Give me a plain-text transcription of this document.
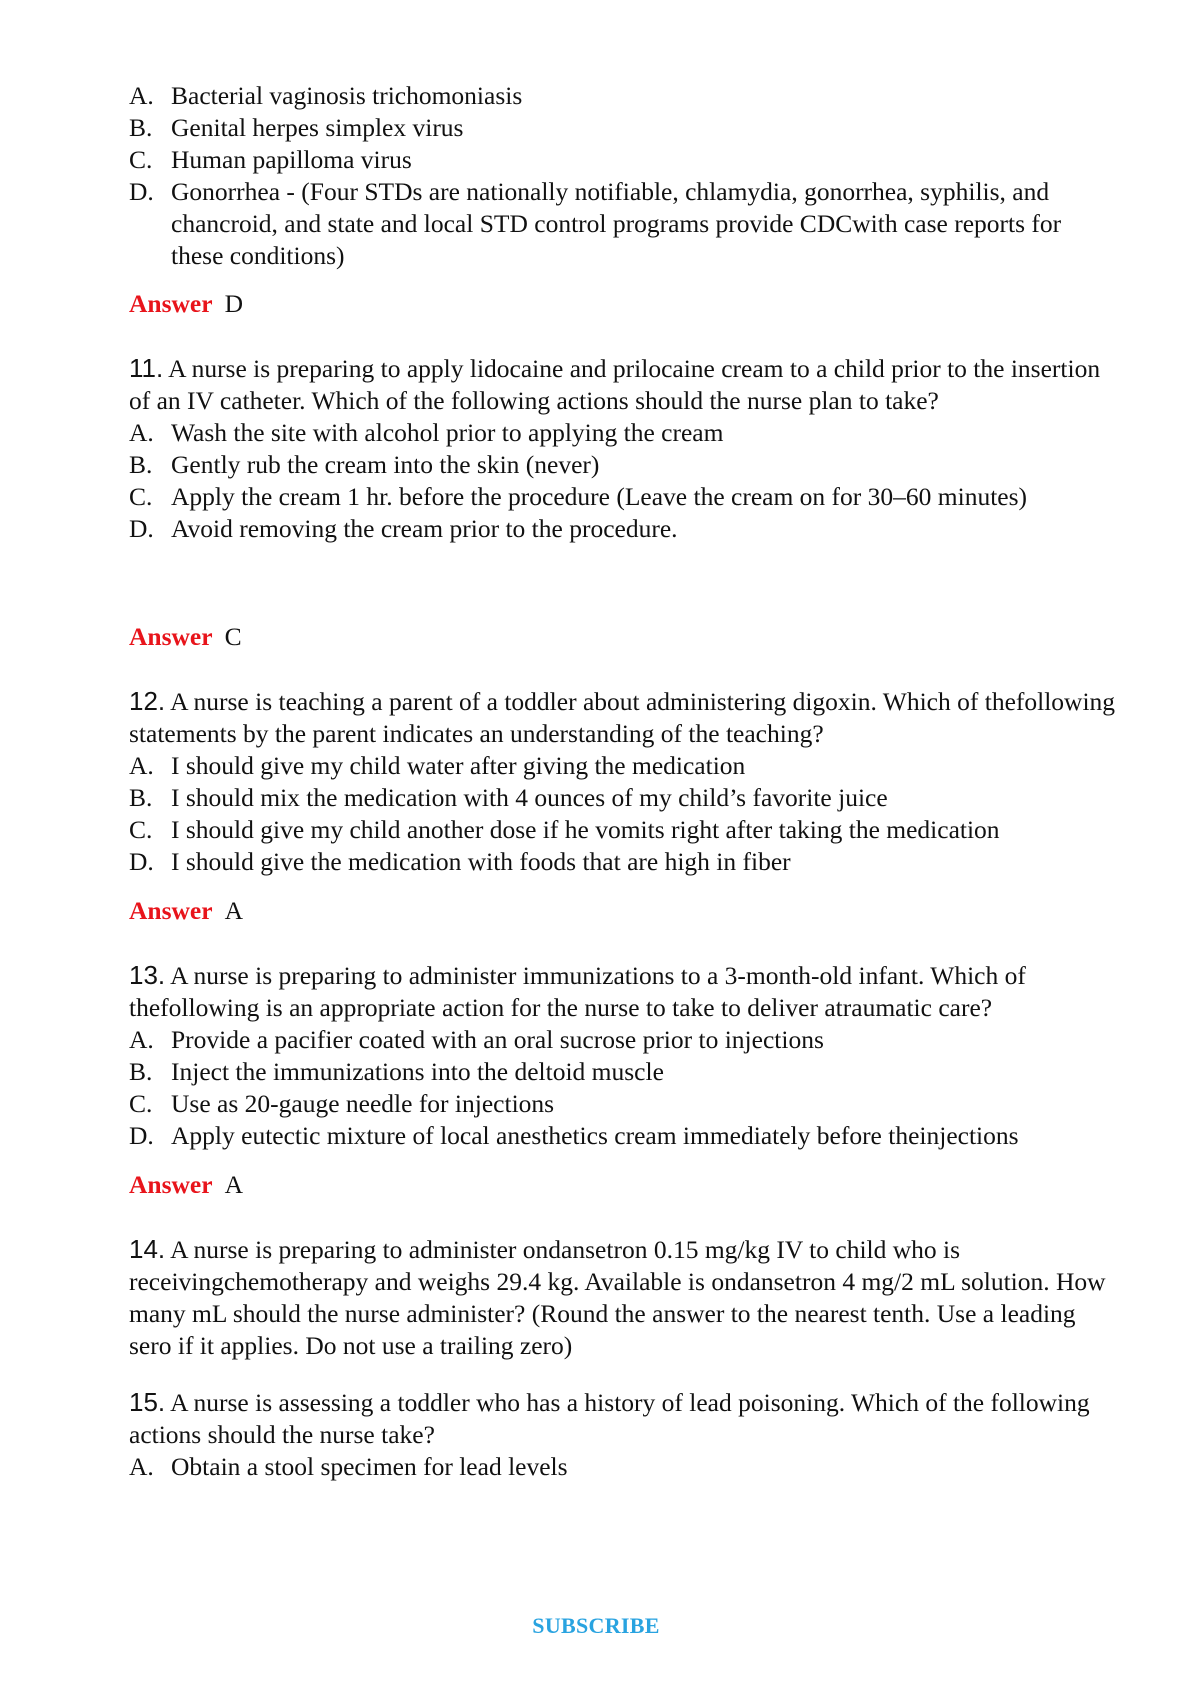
A. Bacterial vaginosis trichomoniasis
B. Genital herpes simplex virus
C. Human papilloma virus
D. Gonorrhea - (Four STDs are nationally notifiable, chlamydia, gonorrhea, syphilis, and chancroid, and state and local STD control programs provide CDCwith case reports for these conditions)
Answer D
11. A nurse is preparing to apply lidocaine and prilocaine cream to a child prior to the insertion of an IV catheter. Which of the following actions should the nurse plan to take?
A. Wash the site with alcohol prior to applying the cream
B. Gently rub the cream into the skin (never)
C. Apply the cream 1 hr. before the procedure (Leave the cream on for 30–60 minutes)
D. Avoid removing the cream prior to the procedure.
Answer C
12. A nurse is teaching a parent of a toddler about administering digoxin. Which of thefollowing statements by the parent indicates an understanding of the teaching?
A. I should give my child water after giving the medication
B. I should mix the medication with 4 ounces of my child’s favorite juice
C. I should give my child another dose if he vomits right after taking the medication
D. I should give the medication with foods that are high in fiber
Answer A
13. A nurse is preparing to administer immunizations to a 3-month-old infant. Which of thefollowing is an appropriate action for the nurse to take to deliver atraumatic care?
A. Provide a pacifier coated with an oral sucrose prior to injections
B. Inject the immunizations into the deltoid muscle
C. Use as 20-gauge needle for injections
D. Apply eutectic mixture of local anesthetics cream immediately before theinjections
Answer A
14. A nurse is preparing to administer ondansetron 0.15 mg/kg IV to child who is receivingchemotherapy and weighs 29.4 kg. Available is ondansetron 4 mg/2 mL solution. How many mL should the nurse administer? (Round the answer to the nearest tenth. Use a leading sero if it applies. Do not use a trailing zero)
15. A nurse is assessing a toddler who has a history of lead poisoning. Which of the following actions should the nurse take?
A. Obtain a stool specimen for lead levels
SUBSCRIBE
